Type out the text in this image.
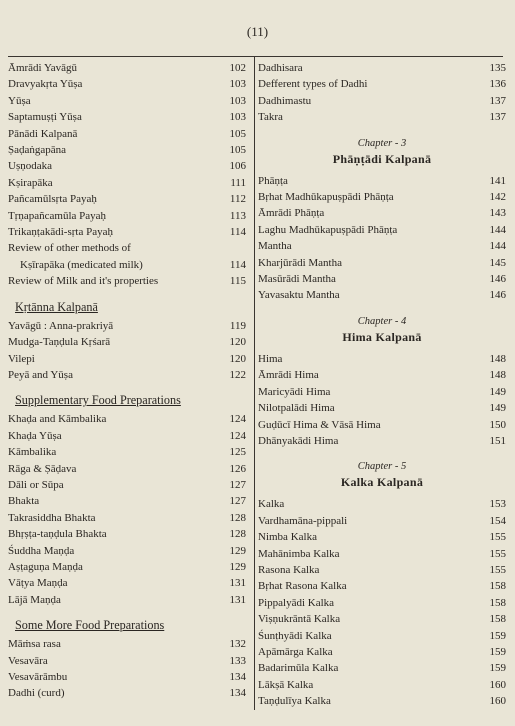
(11)
Āmrādi Yavāgū	102
Dravyakṛta Yūṣa	103
Yūṣa	103
Saptamuṣṭi Yūṣa	103
Pānādi Kalpanā	105
Ṣaḍaṅgapāna	105
Uṣṇodaka	106
Kṣirapāka	111
Pañcamūlsṛta Payaḥ	112
Tṛṇapañcamūla Payaḥ	113
Trikaṇṭakādi-sṛta Payaḥ	114
Review of other methods of
Kṣīrapāka (medicated milk)	114
Review of Milk and it's properties	115
Kṛtānna Kalpanā
Yavāgū : Anna-prakriyā	119
Mudga-Taṇḍula Kṛśarā	120
Vilepi	120
Peyā and Yūṣa	122
Supplementary Food Preparations
Khaḍa and Kāmbalika	124
Khaḍa Yūṣa	124
Kāmbalika	125
Rāga & Ṣāḍava	126
Dāli or Sūpa	127
Bhakta	127
Takrasiddha Bhakta	128
Bhṛṣṭa-taṇḍula Bhakta	128
Śuddha Maṇḍa	129
Aṣṭaguṇa Maṇḍa	129
Vāṭya Maṇḍa	131
Lājā Maṇḍa	131
Some More Food Preparations
Māṁsa rasa	132
Vesavāra	133
Vesavārāmbu	134
Dadhi (curd)	134
Dadhisara	135
Defferent types of Dadhi	136
Dadhimastu	137
Takra	137
Chapter - 3
Phāṇṭādi Kalpanā
Phāṇṭa	141
Bṛhat Madhūkapuṣpādi Phāṇṭa	142
Āmrādi Phāṇṭa	143
Laghu Madhūkapuṣpādi Phāṇṭa	144
Mantha	144
Kharjūrādi Mantha	145
Masūrādi Mantha	146
Yavasaktu Mantha	146
Chapter - 4
Hima Kalpanā
Hima	148
Āmrādi Hima	148
Maricyādi Hima	149
Nilotpalādi Hima	149
Guḍūcī Hima & Vāsā Hima	150
Dhānyakādi Hima	151
Chapter - 5
Kalka Kalpanā
Kalka	153
Vardhamāna-pippali	154
Nimba Kalka	155
Mahānimba Kalka	155
Rasona Kalka	155
Bṛhat Rasona Kalka	158
Pippalyādi Kalka	158
Viṣṇukrāntā Kalka	158
Śunṭhyādi Kalka	159
Apāmārga Kalka	159
Badarimūla Kalka	159
Lākṣā Kalka	160
Taṇḍulīya Kalka	160
